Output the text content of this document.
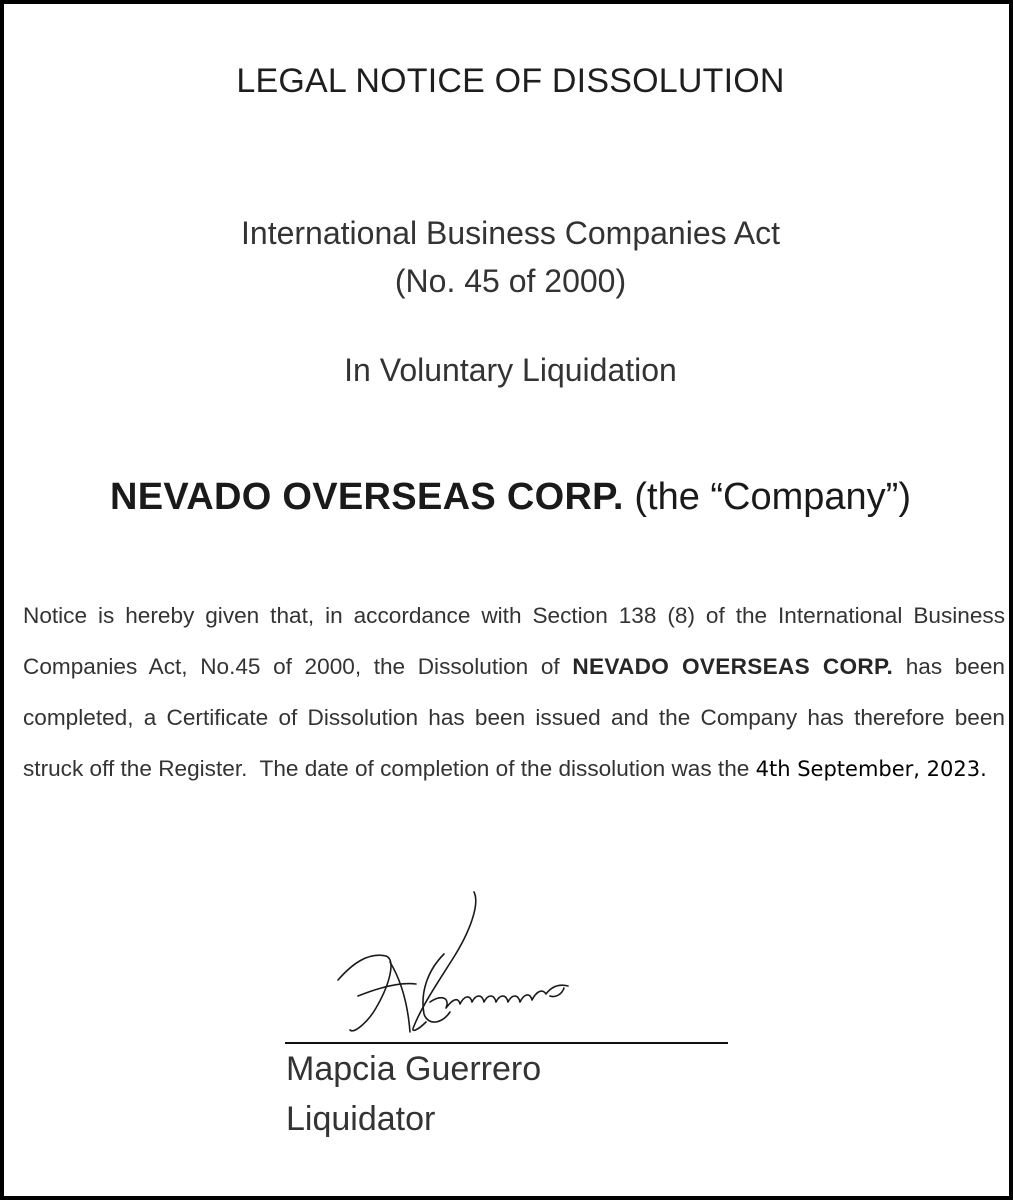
LEGAL NOTICE OF DISSOLUTION
International Business Companies Act
(No. 45 of 2000)
In Voluntary Liquidation
NEVADO OVERSEAS CORP. (the “Company”)
Notice is hereby given that, in accordance with Section 138 (8) of the International Business Companies Act, No.45 of 2000, the Dissolution of NEVADO OVERSEAS CORP. has been completed, a Certificate of Dissolution has been issued and the Company has therefore been struck off the Register.  The date of completion of the dissolution was the 4th September, 2023.
Mapcia Guerrero
Liquidator
